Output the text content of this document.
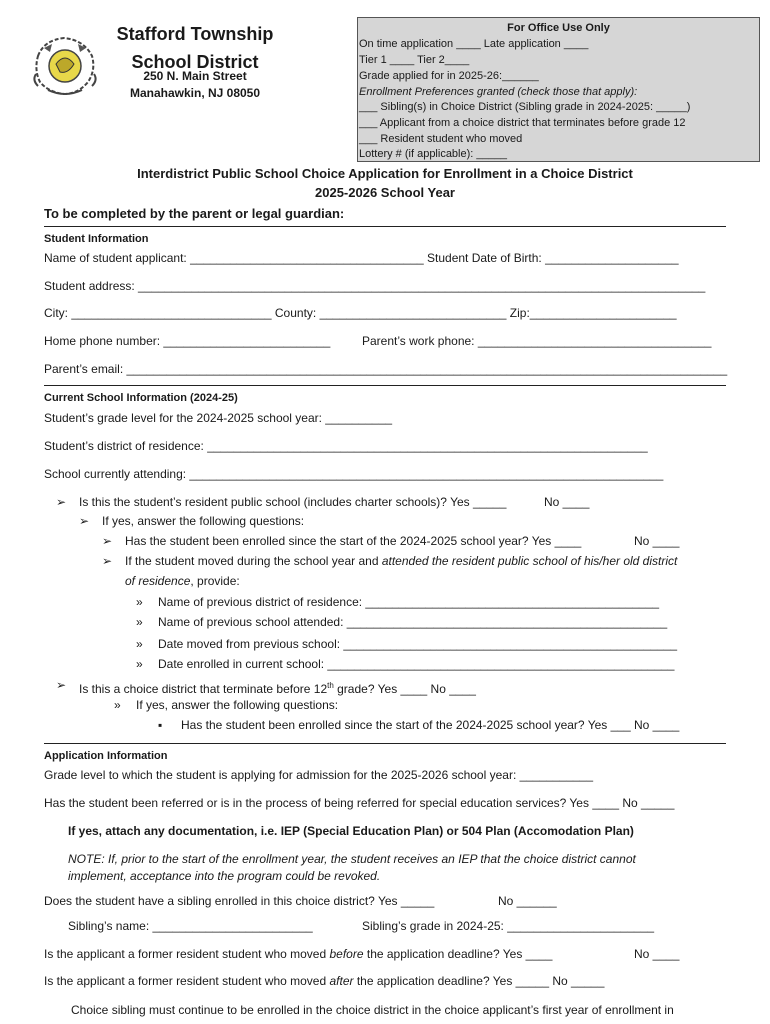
Stafford Township School District
250 N. Main Street
Manahawkin, NJ 08050
For Office Use Only
On time application ____ Late application ____
Tier 1 ____ Tier 2____
Grade applied for in 2025-26:______
Enrollment Preferences granted (check those that apply):
___ Sibling(s) in Choice District (Sibling grade in 2024-2025: _____)
___ Applicant from a choice district that terminates before grade 12
___ Resident student who moved
Lottery # (if applicable): _____
Interdistrict Public School Choice Application for Enrollment in a Choice District
2025-2026 School Year
To be completed by the parent or legal guardian:
Student Information
Name of student applicant: ___________________________________ Student Date of Birth: ____________________
Student address: _____________________________________________________________________________________
City: ______________________________ County: ____________________________ Zip:______________________
Home phone number: _________________________	Parent’s work phone: ___________________________________
Parent’s email: __________________________________________________________________________________________
Current School Information (2024-25)
Student’s grade level for the 2024-2025 school year: __________
Student’s district of residence: __________________________________________________________________
School currently attending: _______________________________________________________________________
➢ Is this the student’s resident public school (includes charter schools)? Yes _____	No ____
➢ If yes, answer the following questions:
➢ Has the student been enrolled since the start of the 2024-2025 school year? Yes ____	No ____
➢ If the student moved during the school year and attended the resident public school of his/her old district
of residence, provide:
» Name of previous district of residence: ____________________________________________
» Name of previous school attended: ________________________________________________
» Date moved from previous school: __________________________________________________
» Date enrolled in current school: ____________________________________________________
➢ Is this a choice district that terminate before 12th grade? Yes ____ No ____
» If yes, answer the following questions:
▪ Has the student been enrolled since the start of the 2024-2025 school year? Yes ___ No ____
Application Information
Grade level to which the student is applying for admission for the 2025-2026 school year: ___________
Has the student been referred or is in the process of being referred for special education services? Yes ____ No _____
If yes, attach any documentation, i.e. IEP (Special Education Plan) or 504 Plan (Accomodation Plan)
NOTE: If, prior to the start of the enrollment year, the student receives an IEP that the choice district cannot
implement, acceptance into the program could be revoked.
Does the student have a sibling enrolled in this choice district? Yes _____	No ______
Sibling’s name: ________________________	Sibling’s grade in 2024-25: ______________________
Is the applicant a former resident student who moved before the application deadline? Yes ____	No ____
Is the applicant a former resident student who moved after the application deadline? Yes _____ No _____
Choice sibling must continue to be enrolled in the choice district in the choice applicant’s first year of enrollment in
